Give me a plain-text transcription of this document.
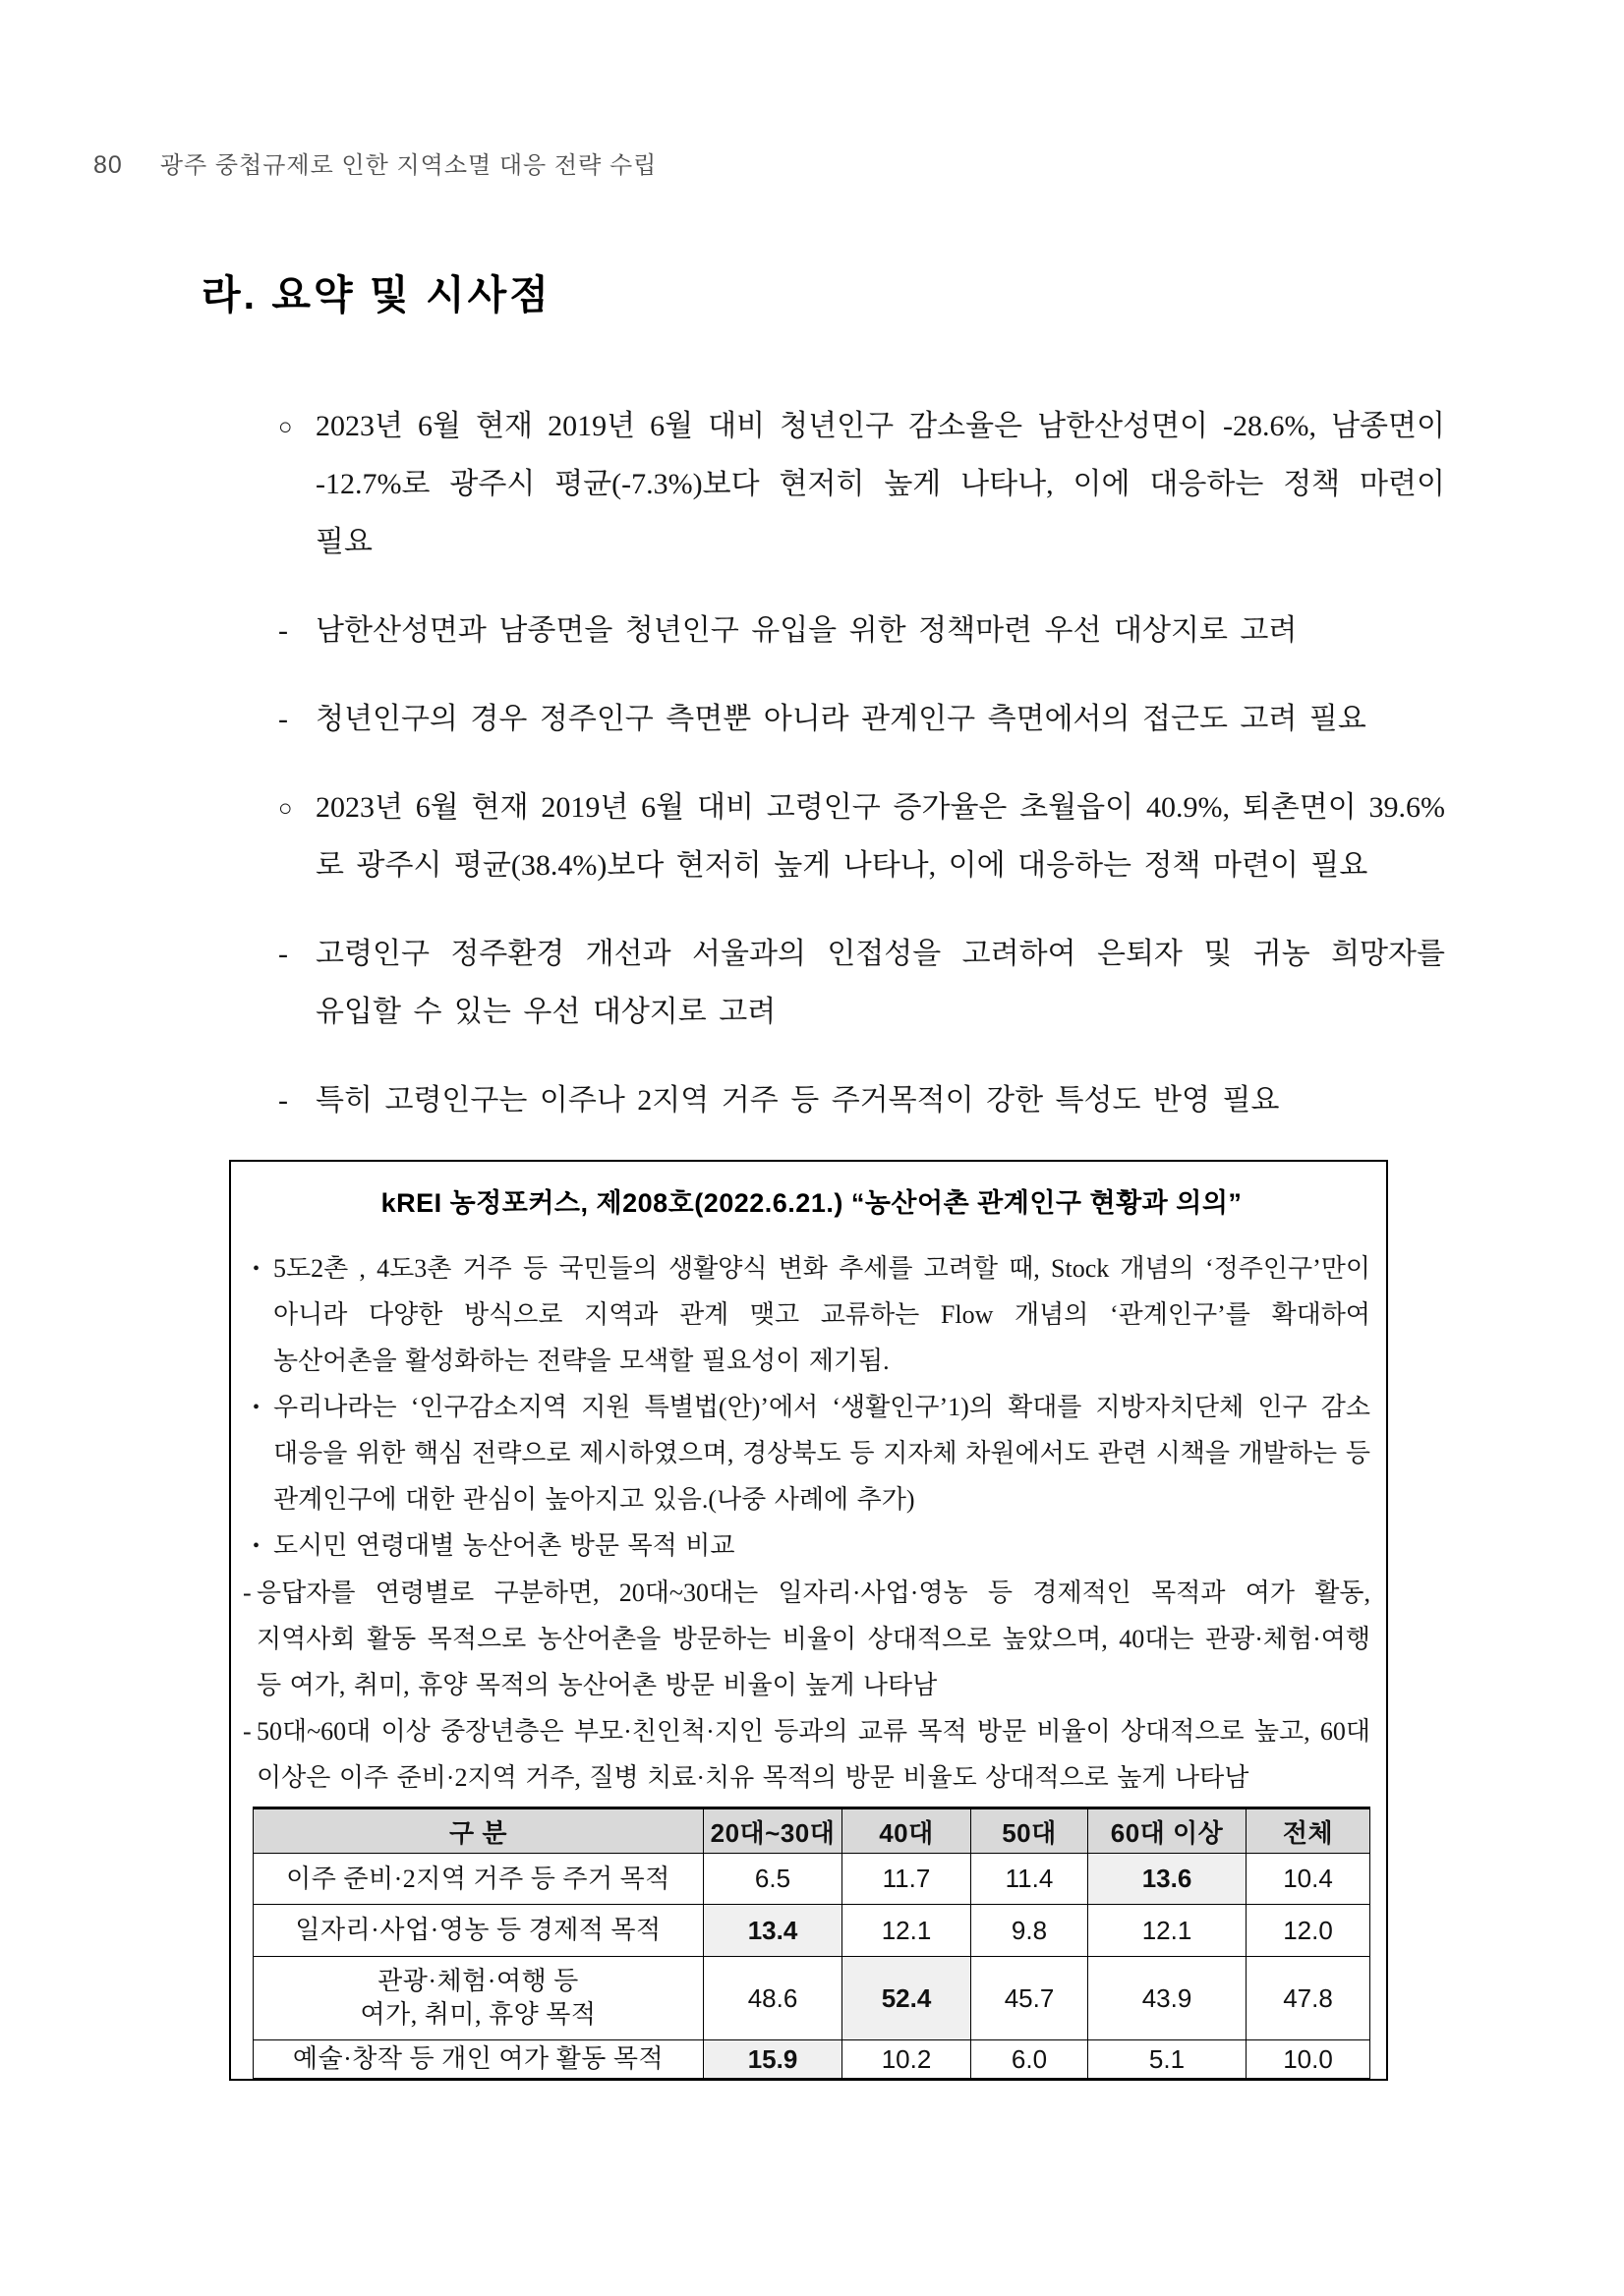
80 광주 중첩규제로 인한 지역소멸 대응 전략 수립
라. 요약 및 시사점
○ 2023년 6월 현재 2019년 6월 대비 청년인구 감소율은 남한산성면이 -28.6%, 남종면이 -12.7%로 광주시 평균(-7.3%)보다 현저히 높게 나타나, 이에 대응하는 정책 마련이 필요
- 남한산성면과 남종면을 청년인구 유입을 위한 정책마련 우선 대상지로 고려
- 청년인구의 경우 정주인구 측면뿐 아니라 관계인구 측면에서의 접근도 고려 필요
○ 2023년 6월 현재 2019년 6월 대비 고령인구 증가율은 초월읍이 40.9%, 퇴촌면이 39.6%로 광주시 평균(38.4%)보다 현저히 높게 나타나, 이에 대응하는 정책 마련이 필요
- 고령인구 정주환경 개선과 서울과의 인접성을 고려하여 은퇴자 및 귀농 희망자를 유입할 수 있는 우선 대상지로 고려
- 특히 고령인구는 이주나 2지역 거주 등 주거목적이 강한 특성도 반영 필요
kREI 농정포커스, 제208호(2022.6.21.) “농산어촌 관계인구 현황과 의의”
• 5도2촌 , 4도3촌 거주 등 국민들의 생활양식 변화 추세를 고려할 때, Stock 개념의 ‘정주인구’만이 아니라 다양한 방식으로 지역과 관계 맺고 교류하는 Flow 개념의 ‘관계인구’를 확대하여 농산어촌을 활성화하는 전략을 모색할 필요성이 제기됨.
• 우리나라는 ‘인구감소지역 지원 특별법(안)’에서 ‘생활인구’1)의 확대를 지방자치단체 인구 감소 대응을 위한 핵심 전략으로 제시하였으며, 경상북도 등 지자체 차원에서도 관련 시책을 개발하는 등 관계인구에 대한 관심이 높아지고 있음.(나중 사례에 추가)
• 도시민 연령대별 농산어촌 방문 목적 비교
- 응답자를 연령별로 구분하면, 20대~30대는 일자리·사업·영농 등 경제적인 목적과 여가 활동, 지역사회 활동 목적으로 농산어촌을 방문하는 비율이 상대적으로 높았으며, 40대는 관광·체험·여행 등 여가, 취미, 휴양 목적의 농산어촌 방문 비율이 높게 나타남
- 50대~60대 이상 중장년층은 부모·친인척·지인 등과의 교류 목적 방문 비율이 상대적으로 높고, 60대 이상은 이주 준비·2지역 거주, 질병 치료·치유 목적의 방문 비율도 상대적으로 높게 나타남
구 분	20대~30대	40대	50대	60대 이상	전체
이주 준비·2지역 거주 등 주거 목적	6.5	11.7	11.4	13.6	10.4
일자리·사업·영농 등 경제적 목적	13.4	12.1	9.8	12.1	12.0
관광·체험·여행 등
여가, 취미, 휴양 목적	48.6	52.4	45.7	43.9	47.8
예술·창작 등 개인 여가 활동 목적	15.9	10.2	6.0	5.1	10.0
